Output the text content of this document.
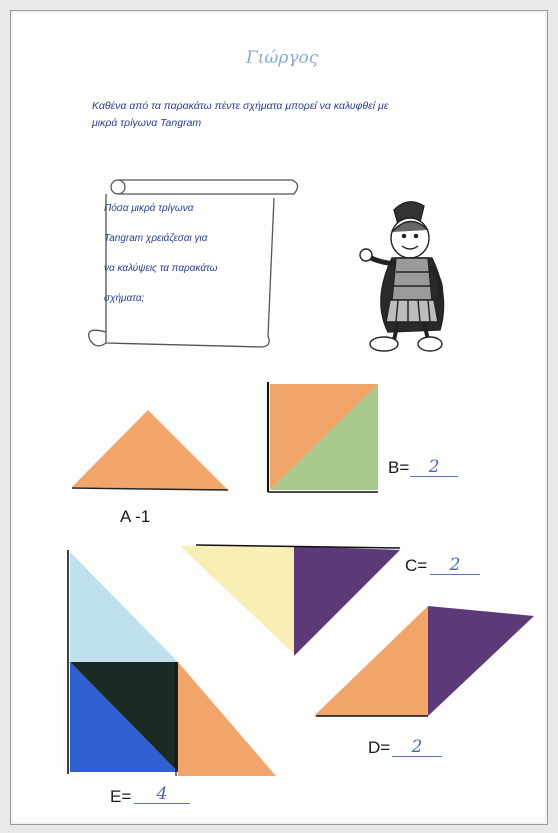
Γιώργος
Καθένα από τα παρακάτω πέντε σχήματα μπορεί να καλυφθεί με
μικρά τρίγωνα Tangram
Πόσα μικρά τρίγωνα
Tangram χρειάζεσαι για
να καλύψεις τα παρακάτω
σχήματα;
A -1
B=	2
C=	2
D=	2
E=	4
